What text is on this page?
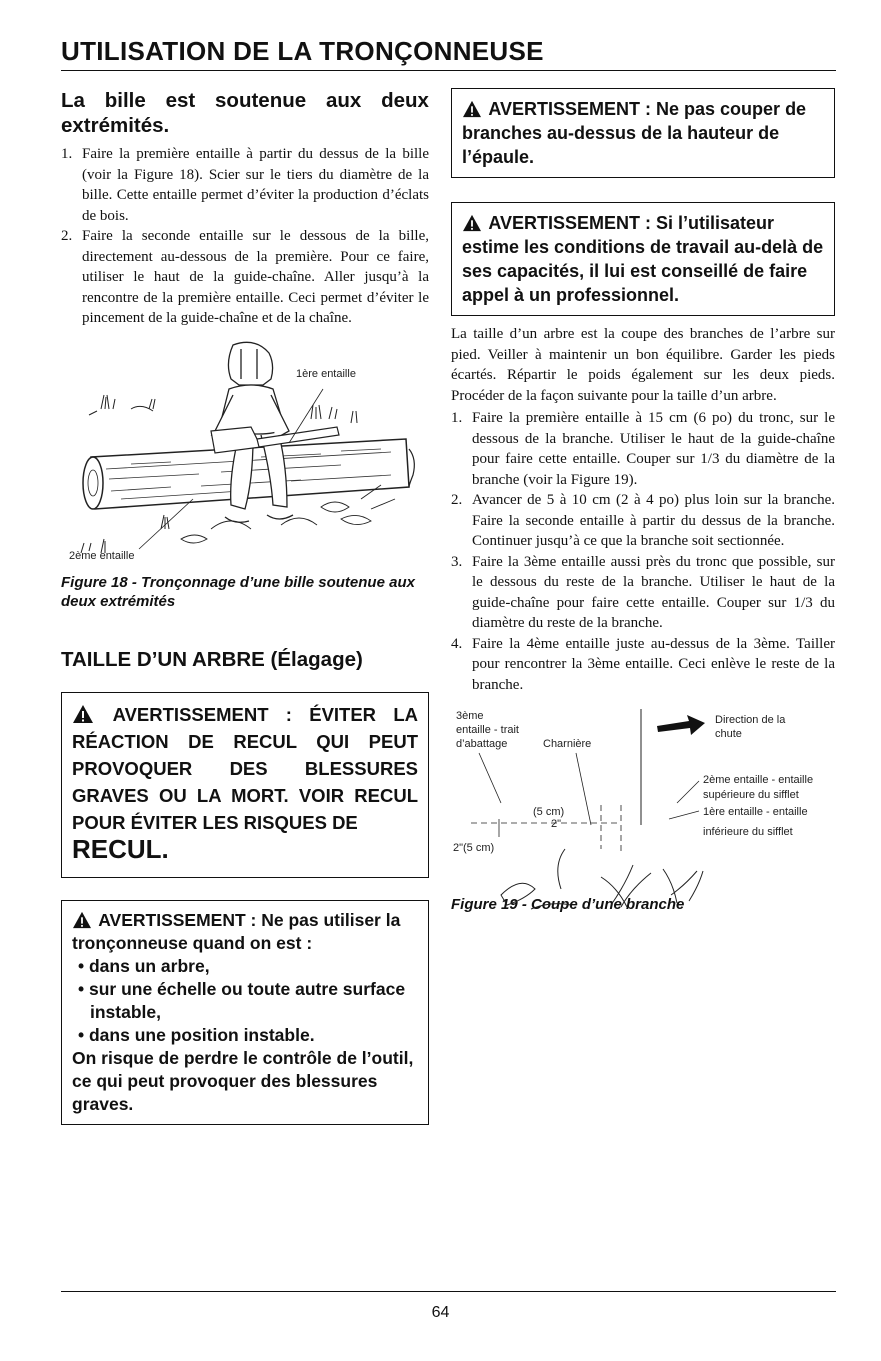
UTILISATION DE LA TRONÇONNEUSE
La bille est soutenue aux deux
extrémités.
1. Faire la première entaille à partir du dessus de la bille (voir la Figure 18). Scier sur le tiers du diamètre de la bille. Cette entaille permet d’éviter la production d’éclats de bois.
2. Faire la seconde entaille sur le dessous de la bille, directement au-dessous de la première. Pour ce faire, utiliser le haut de la guide-chaîne. Aller jusqu’à la rencontre de la première entaille. Ceci permet d’éviter le pincement de la guide-chaîne et de la chaîne.
1ère entaille
2ème entaille

Figure 18 - Tronçonnage d’une bille soutenue aux deux extrémités

TAILLE D’UN ARBRE (Élagage)

AVERTISSEMENT : ÉVITER LA RÉACTION DE RECUL QUI PEUT PROVOQUER DES BLESSURES GRAVES OU LA MORT. VOIR RECUL POUR ÉVITER LES RISQUES DE
RECUL.

AVERTISSEMENT : Ne pas utiliser la tronçonneuse quand on est :

• dans un arbre,
• sur une échelle ou toute autre surface instable,
• dans une position instable.

On risque de perdre le contrôle de l’outil, ce qui peut provoquer des blessures graves.

AVERTISSEMENT : Ne pas couper de branches au-dessus de la hauteur de l’épaule.

AVERTISSEMENT : Si l’utilisateur estime les conditions de travail au-delà de ses capacités, il lui est conseillé de faire appel à un professionnel.

La taille d’un arbre est la coupe des branches de l’arbre sur pied. Veiller à maintenir un bon équilibre. Garder les pieds écartés. Répartir le poids également sur les deux pieds. Procéder de la façon suivante pour la taille d’un arbre.

1. Faire la première entaille à 15 cm (6 po) du tronc, sur le dessous de la branche. Utiliser le haut de la guide-chaîne pour faire cette entaille. Couper sur 1/3 du diamètre de la branche (voir la Figure 19).
2. Avancer de 5 à 10 cm (2 à 4 po) plus loin sur la branche. Faire la seconde entaille à partir du dessus de la branche. Continuer jusqu’à ce que la branche soit sectionnée.
3. Faire la 3ème entaille aussi près du tronc que possible, sur le dessous du reste de la branche. Utiliser le haut de la guide-chaîne pour faire cette entaille. Couper sur 1/3 du diamètre du reste de la branche.
4. Faire la 4ème entaille juste au-dessus de la 3ème. Tailler pour rencontrer la 3ème entaille. Ceci enlève le reste de la branche.
3ème
entaille - trait
d’abattage	Charnière
Direction de la
chute
2ème entaille - entaille
supérieure du sifflet
1ère entaille - entaille
inférieure du sifflet
2"
(5 cm)
2"(5 cm)

Figure 19 - Coupe d’une branche

64
